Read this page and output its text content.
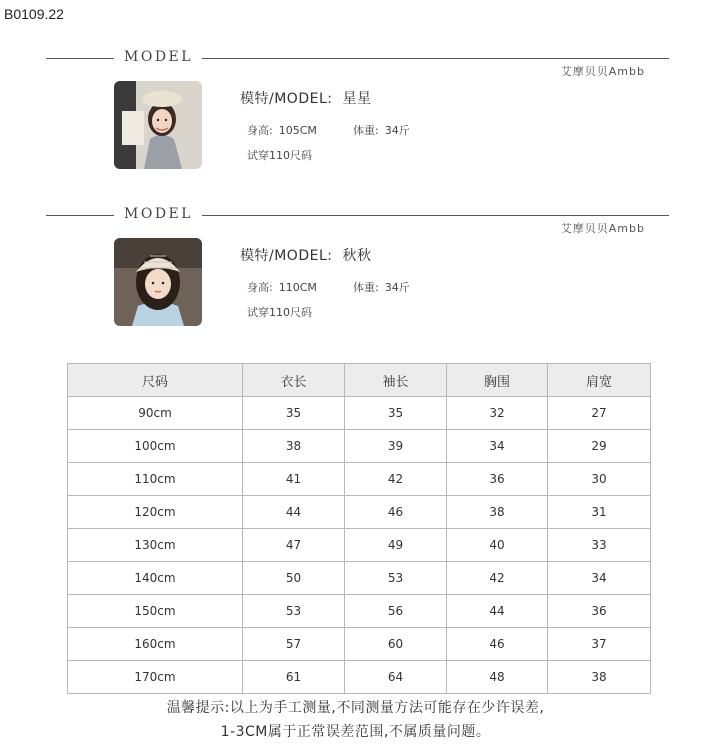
B0109.22
MODEL
艾摩贝贝Ambb
模特/MODEL: 星星
身高: 105CM	体重: 34斤
试穿110尺码
MODEL
艾摩贝贝Ambb
模特/MODEL: 秋秋
身高: 110CM	体重: 34斤
试穿110尺码
尺码	衣长	袖长	胸围	肩宽
90cm	35	35	32	27
100cm	38	39	34	29
110cm	41	42	36	30
120cm	44	46	38	31
130cm	47	49	40	33
140cm	50	53	42	34
150cm	53	56	44	36
160cm	57	60	46	37
170cm	61	64	48	38
温馨提示:以上为手工测量,不同测量方法可能存在少许误差,
1-3CM属于正常误差范围,不属质量问题。
